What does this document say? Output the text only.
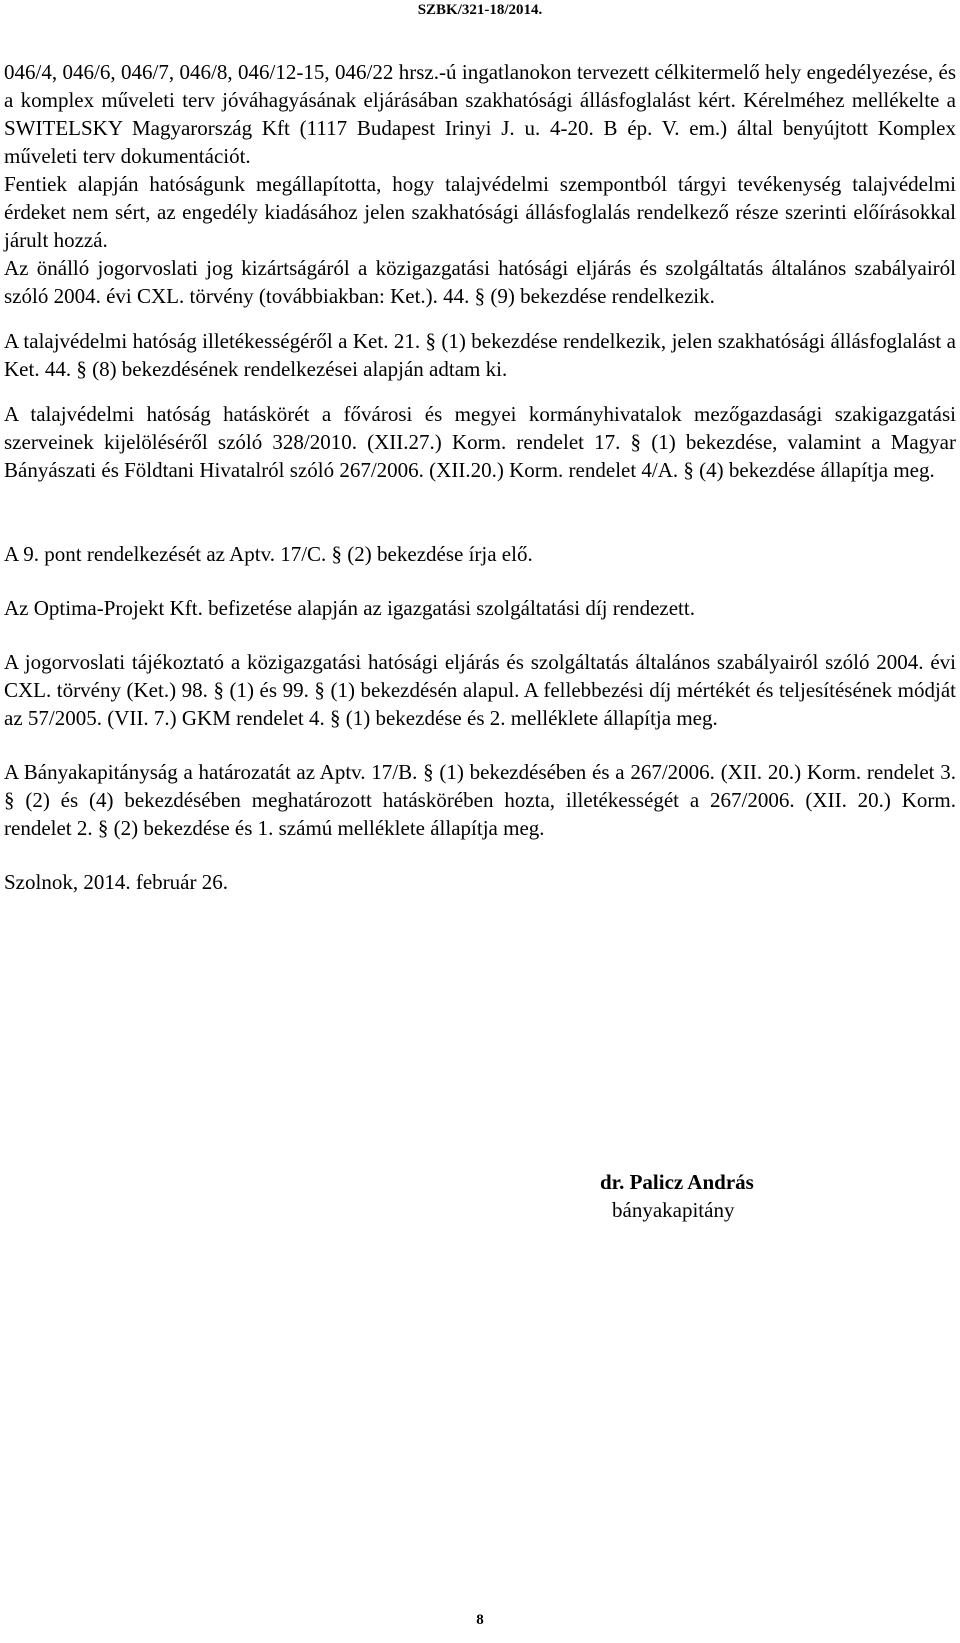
SZBK/321-18/2014.

046/4, 046/6, 046/7, 046/8, 046/12-15, 046/22 hrsz.-ú ingatlanokon tervezett célkitermelő hely engedélyezése, és a komplex műveleti terv jóváhagyásának eljárásában szakhatósági állásfoglalást kért. Kérelméhez mellékelte a SWITELSKY Magyarország Kft (1117 Budapest Irinyi J. u. 4-20. B ép. V. em.) által benyújtott Komplex műveleti terv dokumentációt.

Fentiek alapján hatóságunk megállapította, hogy talajvédelmi szempontból tárgyi tevékenység talajvédelmi érdeket nem sért, az engedély kiadásához jelen szakhatósági állásfoglalás rendelkező része szerinti előírásokkal járult hozzá.

Az önálló jogorvoslati jog kizártságáról a közigazgatási hatósági eljárás és szolgáltatás általános szabályairól szóló 2004. évi CXL. törvény (továbbiakban: Ket.). 44. § (9) bekezdése rendelkezik.

A talajvédelmi hatóság illetékességéről a Ket. 21. § (1) bekezdése rendelkezik, jelen szakhatósági állásfoglalást a Ket. 44. § (8) bekezdésének rendelkezései alapján adtam ki.

A talajvédelmi hatóság hatáskörét a fővárosi és megyei kormányhivatalok mezőgazdasági szakigazgatási szerveinek kijelöléséről szóló 328/2010. (XII.27.) Korm. rendelet 17. § (1) bekezdése, valamint a Magyar Bányászati és Földtani Hivatalról szóló 267/2006. (XII.20.) Korm. rendelet 4/A. § (4) bekezdése állapítja meg.

A 9. pont rendelkezését az Aptv. 17/C. § (2) bekezdése írja elő.

Az Optima-Projekt Kft. befizetése alapján az igazgatási szolgáltatási díj rendezett.

A jogorvoslati tájékoztató a közigazgatási hatósági eljárás és szolgáltatás általános szabályairól szóló 2004. évi CXL. törvény (Ket.) 98. § (1) és 99. § (1) bekezdésén alapul. A fellebbezési díj mértékét és teljesítésének módját az 57/2005. (VII. 7.) GKM rendelet 4. § (1) bekezdése és 2. melléklete állapítja meg.

A Bányakapitányság a határozatát az Aptv. 17/B. § (1) bekezdésében és a 267/2006. (XII. 20.) Korm. rendelet 3. § (2) és (4) bekezdésében meghatározott hatáskörében hozta, illetékességét a 267/2006. (XII. 20.) Korm. rendelet 2. § (2) bekezdése és 1. számú melléklete állapítja meg.

Szolnok, 2014. február 26.

dr. Palicz András
bányakapitány
8
